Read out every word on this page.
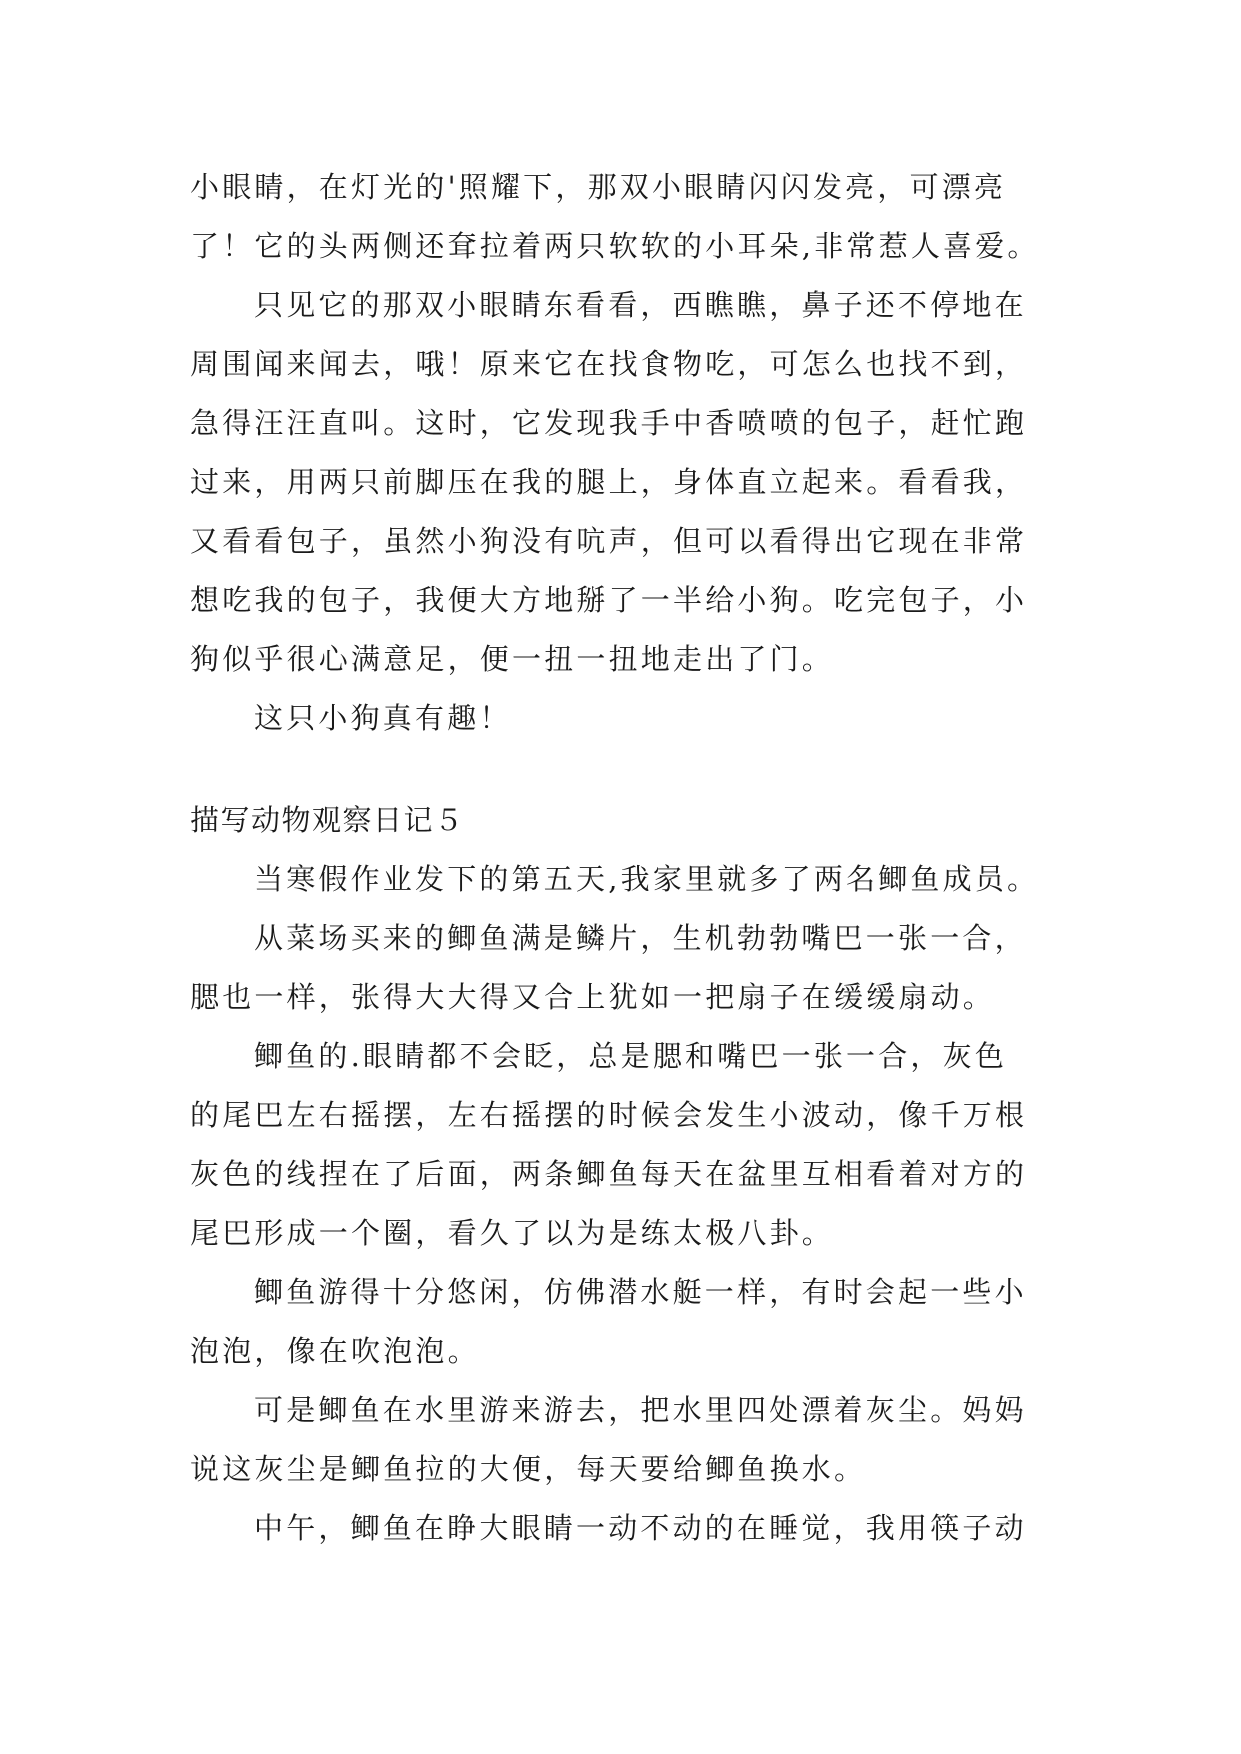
小眼睛，在灯光的'照耀下，那双小眼睛闪闪发亮，可漂亮
了！它的头两侧还耷拉着两只软软的小耳朵,非常惹人喜爱。
只见它的那双小眼睛东看看，西瞧瞧，鼻子还不停地在
周围闻来闻去，哦！原来它在找食物吃，可怎么也找不到，
急得汪汪直叫。这时，它发现我手中香喷喷的包子，赶忙跑
过来，用两只前脚压在我的腿上，身体直立起来。看看我，
又看看包子，虽然小狗没有吭声，但可以看得出它现在非常
想吃我的包子，我便大方地掰了一半给小狗。吃完包子，小
狗似乎很心满意足，便一扭一扭地走出了门。
这只小狗真有趣！
描写动物观察日记５
当寒假作业发下的第五天,我家里就多了两名鲫鱼成员。
从菜场买来的鲫鱼满是鳞片，生机勃勃嘴巴一张一合，
腮也一样，张得大大得又合上犹如一把扇子在缓缓扇动。
鲫鱼的.眼睛都不会眨，总是腮和嘴巴一张一合，灰色
的尾巴左右摇摆，左右摇摆的时候会发生小波动，像千万根
灰色的线捏在了后面，两条鲫鱼每天在盆里互相看着对方的
尾巴形成一个圈，看久了以为是练太极八卦。
鲫鱼游得十分悠闲，仿佛潜水艇一样，有时会起一些小
泡泡，像在吹泡泡。
可是鲫鱼在水里游来游去，把水里四处漂着灰尘。妈妈
说这灰尘是鲫鱼拉的大便，每天要给鲫鱼换水。
中午，鲫鱼在睁大眼睛一动不动的在睡觉，我用筷子动
